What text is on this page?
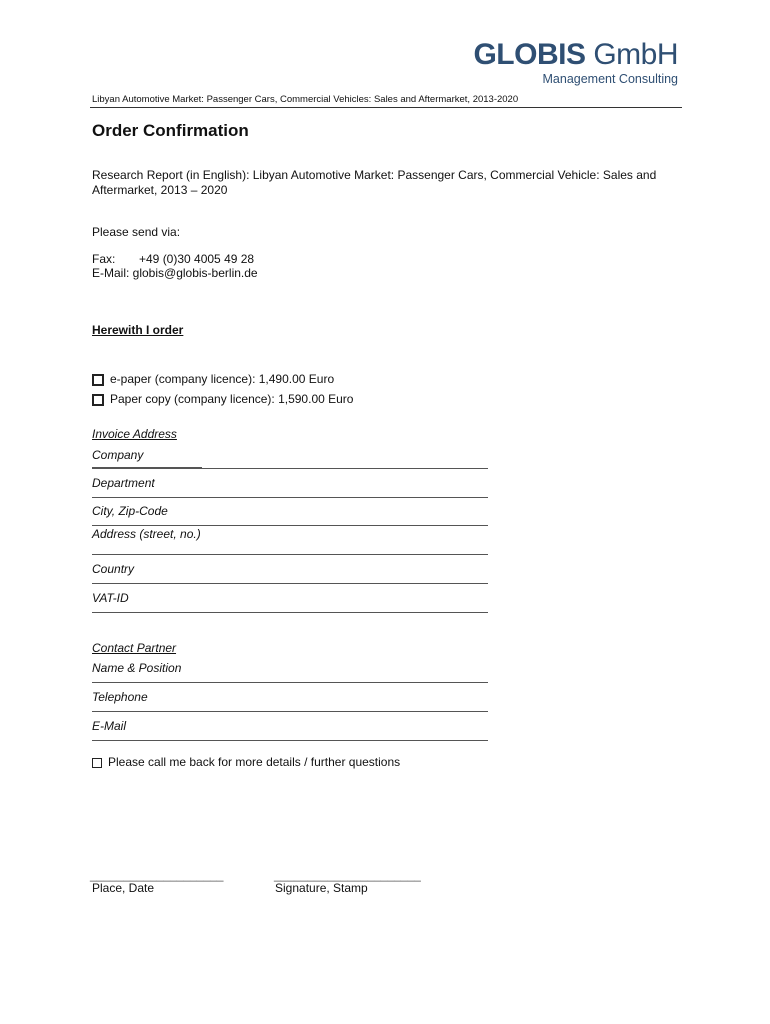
GLOBIS GmbH
Management Consulting
Libyan Automotive Market: Passenger Cars, Commercial Vehicles: Sales and Aftermarket, 2013-2020
Order Confirmation
Research Report (in English): Libyan Automotive Market: Passenger Cars, Commercial Vehicle: Sales and Aftermarket, 2013 – 2020
Please send via:
Fax: +49 (0)30 4005 49 28
E-Mail: globis@globis-berlin.de
Herewith I order
e-paper (company licence): 1,490.00 Euro
Paper copy (company licence): 1,590.00 Euro
Invoice Address
Company
Department
City, Zip-Code
Address (street, no.)
Country
VAT-ID
Contact Partner
Name & Position
Telephone
E-Mail
Please call me back for more details / further questions
____________________
Place, Date
______________________
Signature, Stamp
